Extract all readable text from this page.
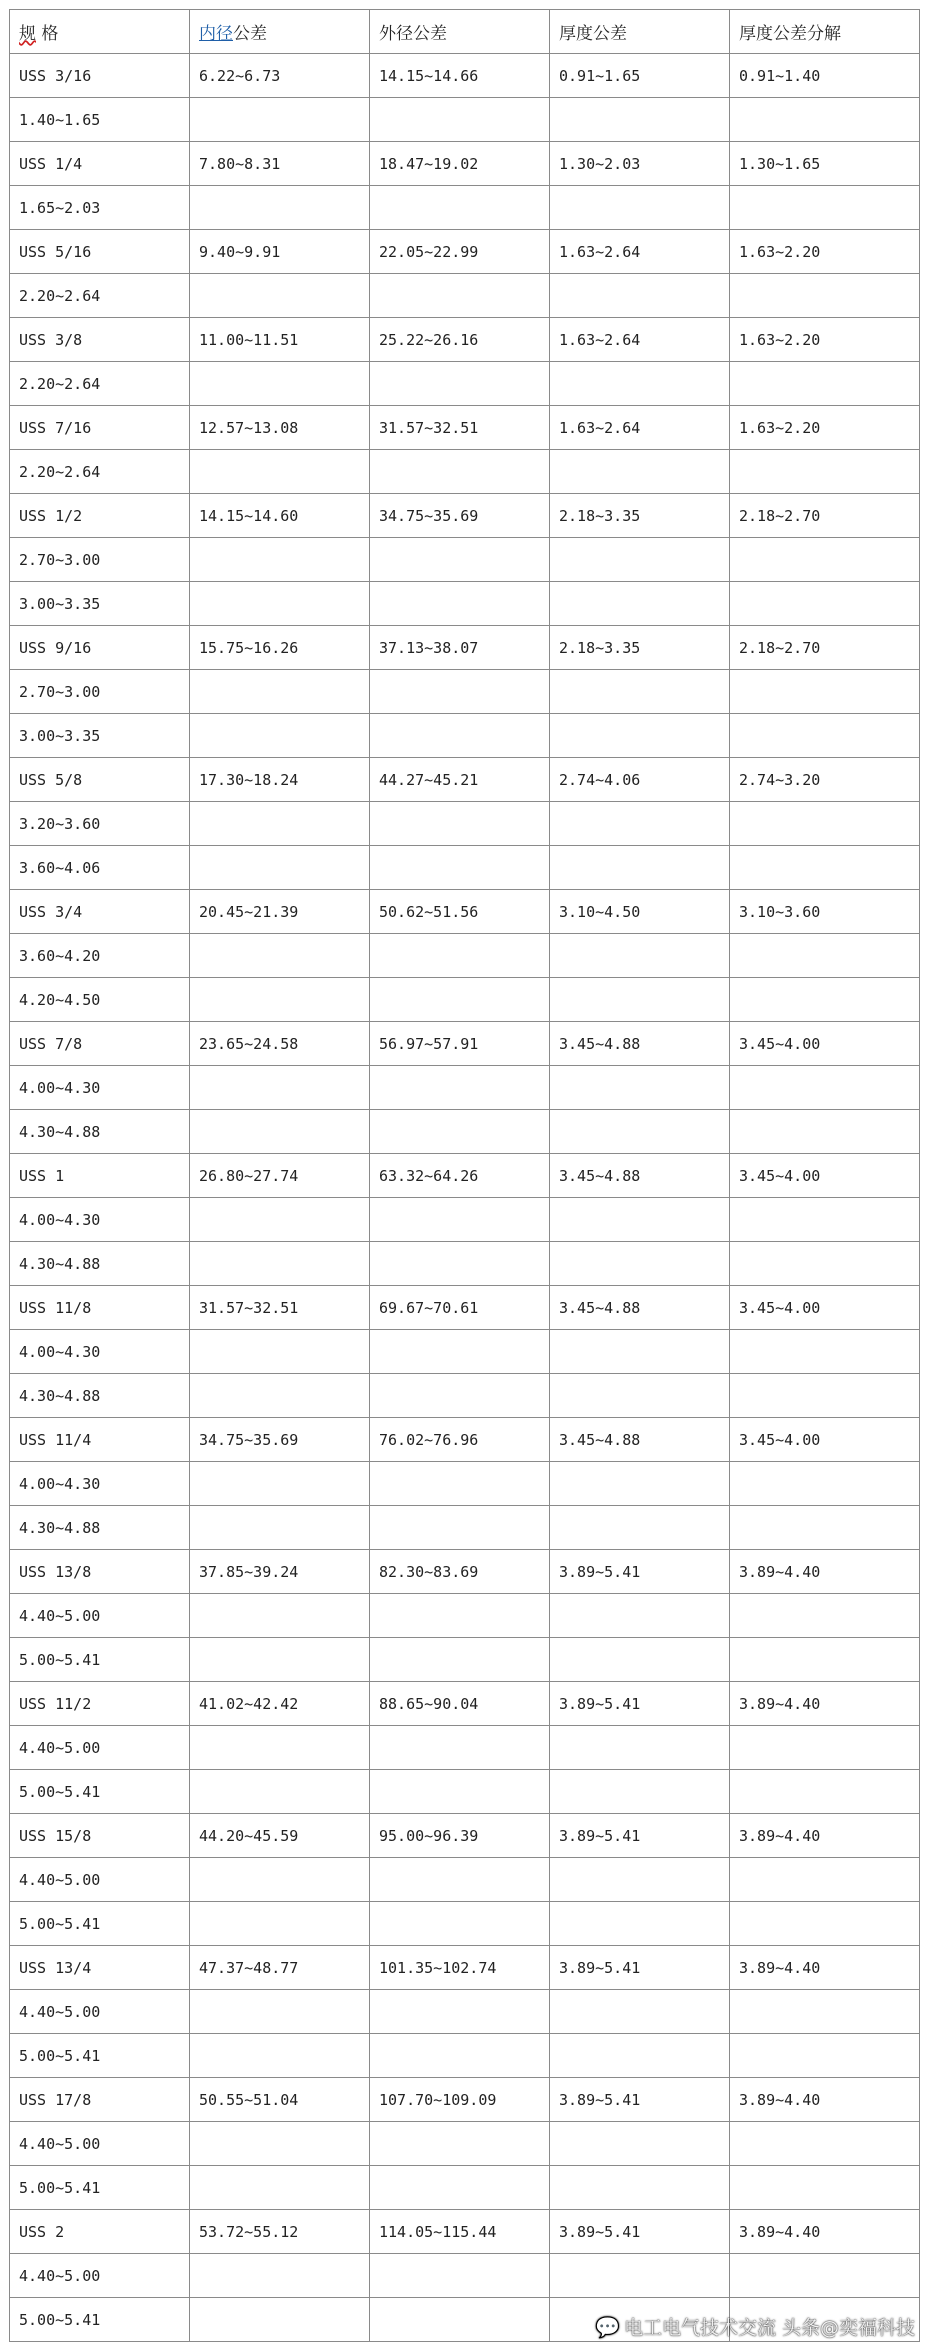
规 格	内径公差	外径公差	厚度公差	厚度公差分解
USS 3/16	6.22~6.73	14.15~14.66	0.91~1.65	0.91~1.40
1.40~1.65				
USS 1/4	7.80~8.31	18.47~19.02	1.30~2.03	1.30~1.65
1.65~2.03				
USS 5/16	9.40~9.91	22.05~22.99	1.63~2.64	1.63~2.20
2.20~2.64				
USS 3/8	11.00~11.51	25.22~26.16	1.63~2.64	1.63~2.20
2.20~2.64				
USS 7/16	12.57~13.08	31.57~32.51	1.63~2.64	1.63~2.20
2.20~2.64				
USS 1/2	14.15~14.60	34.75~35.69	2.18~3.35	2.18~2.70
2.70~3.00				
3.00~3.35				
USS 9/16	15.75~16.26	37.13~38.07	2.18~3.35	2.18~2.70
2.70~3.00				
3.00~3.35				
USS 5/8	17.30~18.24	44.27~45.21	2.74~4.06	2.74~3.20
3.20~3.60				
3.60~4.06				
USS 3/4	20.45~21.39	50.62~51.56	3.10~4.50	3.10~3.60
3.60~4.20				
4.20~4.50				
USS 7/8	23.65~24.58	56.97~57.91	3.45~4.88	3.45~4.00
4.00~4.30				
4.30~4.88				
USS 1	26.80~27.74	63.32~64.26	3.45~4.88	3.45~4.00
4.00~4.30				
4.30~4.88				
USS 11/8	31.57~32.51	69.67~70.61	3.45~4.88	3.45~4.00
4.00~4.30				
4.30~4.88				
USS 11/4	34.75~35.69	76.02~76.96	3.45~4.88	3.45~4.00
4.00~4.30				
4.30~4.88				
USS 13/8	37.85~39.24	82.30~83.69	3.89~5.41	3.89~4.40
4.40~5.00				
5.00~5.41				
USS 11/2	41.02~42.42	88.65~90.04	3.89~5.41	3.89~4.40
4.40~5.00				
5.00~5.41				
USS 15/8	44.20~45.59	95.00~96.39	3.89~5.41	3.89~4.40
4.40~5.00				
5.00~5.41				
USS 13/4	47.37~48.77	101.35~102.74	3.89~5.41	3.89~4.40
4.40~5.00				
5.00~5.41				
USS 17/8	50.55~51.04	107.70~109.09	3.89~5.41	3.89~4.40
4.40~5.00				
5.00~5.41				
USS 2	53.72~55.12	114.05~115.44	3.89~5.41	3.89~4.40
4.40~5.00				
5.00~5.41					💬 电工电气技术交流 头条@奕福科技
